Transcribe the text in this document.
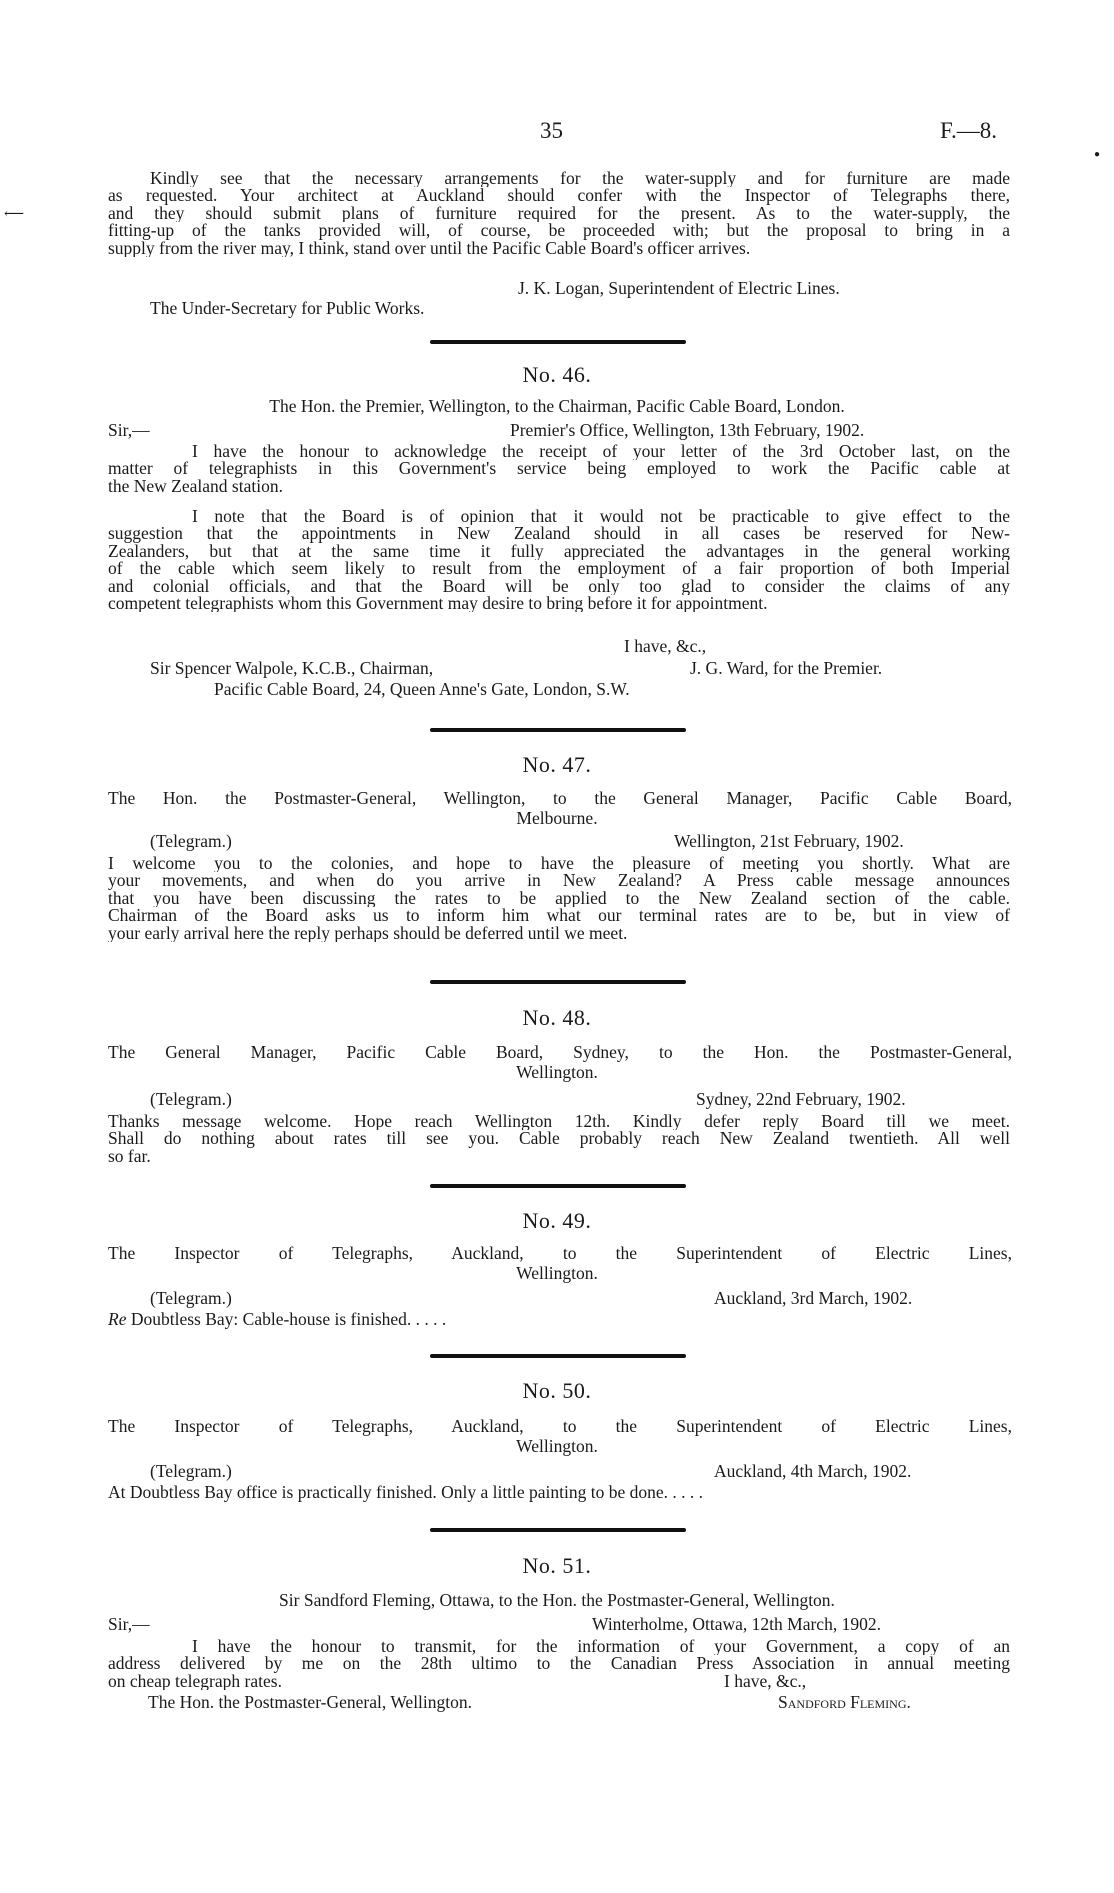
⟵
●
35	F.—8.
Kindly see that the necessary arrangements for the water-supply and for furniture are made
as requested. Your architect at Auckland should confer with the Inspector of Telegraphs there,
and they should submit plans of furniture required for the present. As to the water-supply, the
fitting-up of the tanks provided will, of course, be proceeded with; but the proposal to bring in a
supply from the river may, I think, stand over until the Pacific Cable Board's officer arrives.
J. K. Logan, Superintendent of Electric Lines.
The Under-Secretary for Public Works.
No. 46.
The Hon. the Premier, Wellington, to the Chairman, Pacific Cable Board, London.
Sir,—	Premier's Office, Wellington, 13th February, 1902.
I have the honour to acknowledge the receipt of your letter of the 3rd October last, on the
matter of telegraphists in this Government's service being employed to work the Pacific cable at
the New Zealand station.
I note that the Board is of opinion that it would not be practicable to give effect to the
suggestion that the appointments in New Zealand should in all cases be reserved for New-
Zealanders, but that at the same time it fully appreciated the advantages in the general working
of the cable which seem likely to result from the employment of a fair proportion of both Imperial
and colonial officials, and that the Board will be only too glad to consider the claims of any
competent telegraphists whom this Government may desire to bring before it for appointment.
I have, &c.,
Sir Spencer Walpole, K.C.B., Chairman,	J. G. Ward, for the Premier.
Pacific Cable Board, 24, Queen Anne's Gate, London, S.W.
No. 47.
The Hon. the Postmaster-General, Wellington, to the General Manager, Pacific Cable Board,
Melbourne.
(Telegram.)	Wellington, 21st February, 1902.
I welcome you to the colonies, and hope to have the pleasure of meeting you shortly. What are
your movements, and when do you arrive in New Zealand? A Press cable message announces
that you have been discussing the rates to be applied to the New Zealand section of the cable.
Chairman of the Board asks us to inform him what our terminal rates are to be, but in view of
your early arrival here the reply perhaps should be deferred until we meet.
No. 48.
The General Manager, Pacific Cable Board, Sydney, to the Hon. the Postmaster-General,
Wellington.
(Telegram.)	Sydney, 22nd February, 1902.
Thanks message welcome. Hope reach Wellington 12th. Kindly defer reply Board till we meet.
Shall do nothing about rates till see you. Cable probably reach New Zealand twentieth. All well
so far.
No. 49.
The Inspector of Telegraphs, Auckland, to the Superintendent of Electric Lines,
Wellington.
(Telegram.)	Auckland, 3rd March, 1902.
Re Doubtless Bay: Cable-house is finished. . . . .
No. 50.
The Inspector of Telegraphs, Auckland, to the Superintendent of Electric Lines,
Wellington.
(Telegram.)	Auckland, 4th March, 1902.
At Doubtless Bay office is practically finished. Only a little painting to be done. . . . .
No. 51.
Sir Sandford Fleming, Ottawa, to the Hon. the Postmaster-General, Wellington.
Sir,—	Winterholme, Ottawa, 12th March, 1902.
I have the honour to transmit, for the information of your Government, a copy of an
address delivered by me on the 28th ultimo to the Canadian Press Association in annual meeting
on cheap telegraph rates.	I have, &c.,
The Hon. the Postmaster-General, Wellington.	Sandford Fleming.
